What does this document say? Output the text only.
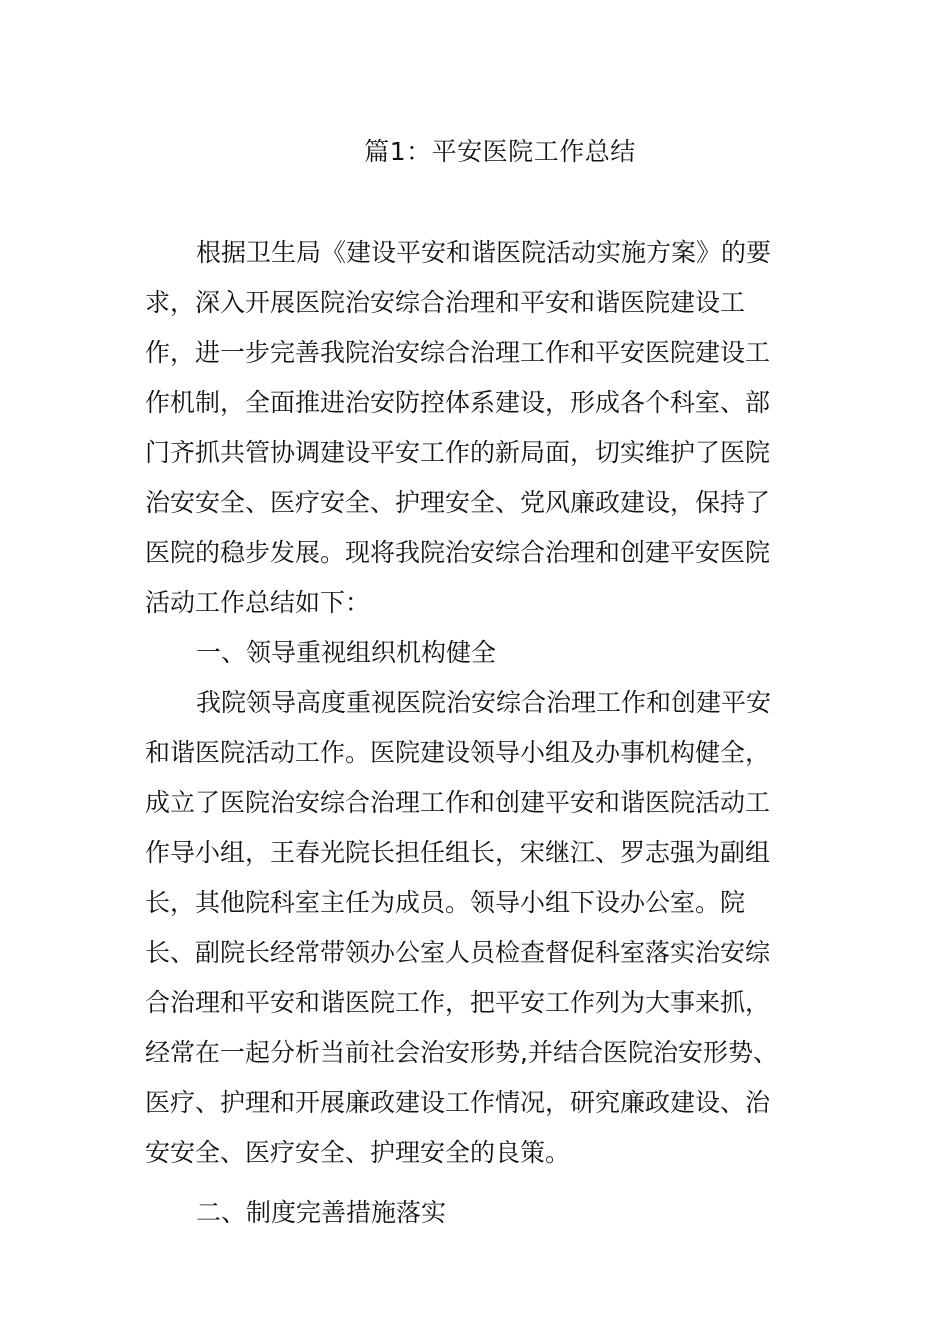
篇1：平安医院工作总结
根据卫生局《建设平安和谐医院活动实施方案》的要
求，深入开展医院治安综合治理和平安和谐医院建设工
作，进一步完善我院治安综合治理工作和平安医院建设工
作机制，全面推进治安防控体系建设，形成各个科室、部
门齐抓共管协调建设平安工作的新局面，切实维护了医院
治安安全、医疗安全、护理安全、党风廉政建设，保持了
医院的稳步发展。现将我院治安综合治理和创建平安医院
活动工作总结如下：
一、领导重视组织机构健全
我院领导高度重视医院治安综合治理工作和创建平安
和谐医院活动工作。医院建设领导小组及办事机构健全，
成立了医院治安综合治理工作和创建平安和谐医院活动工
作导小组，王春光院长担任组长，宋继江、罗志强为副组
长，其他院科室主任为成员。领导小组下设办公室。院
长、副院长经常带领办公室人员检查督促科室落实治安综
合治理和平安和谐医院工作，把平安工作列为大事来抓，
经常在一起分析当前社会治安形势,并结合医院治安形势、
医疗、护理和开展廉政建设工作情况，研究廉政建设、治
安安全、医疗安全、护理安全的良策。
二、制度完善措施落实
